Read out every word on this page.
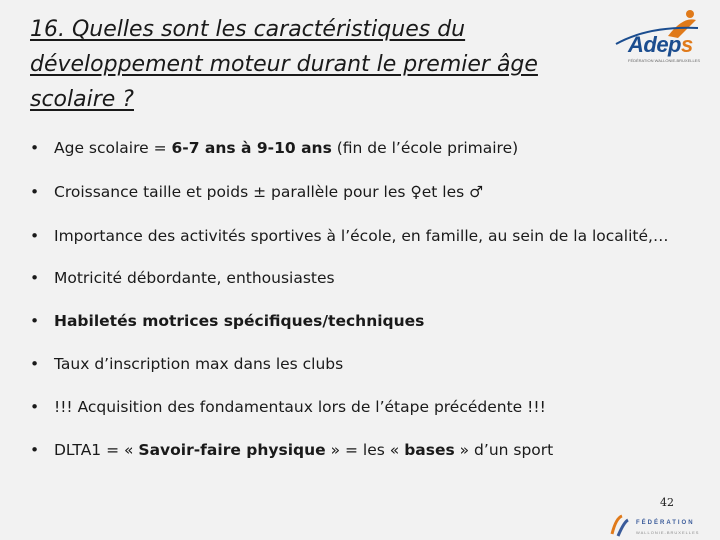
16. Quelles sont les caractéristiques du développement moteur durant le premier âge scolaire ?
Adeps
FÉDÉRATION WALLONIE-BRUXELLES
• Age scolaire = 6-7 ans à 9-10 ans (fin de l’école primaire)
• Croissance taille et poids ± parallèle pour les ♀et les ♂
• Importance des activités sportives à l’école, en famille, au sein de la localité,…
• Motricité débordante, enthousiastes
• Habiletés motrices spécifiques/techniques
• Taux d’inscription max dans les clubs
• !!! Acquisition des fondamentaux lors de l’étape précédente !!!
• DLTA1 = « Savoir-faire physique » = les « bases » d’un sport
42
FÉDÉRATION
WALLONIE-BRUXELLES
